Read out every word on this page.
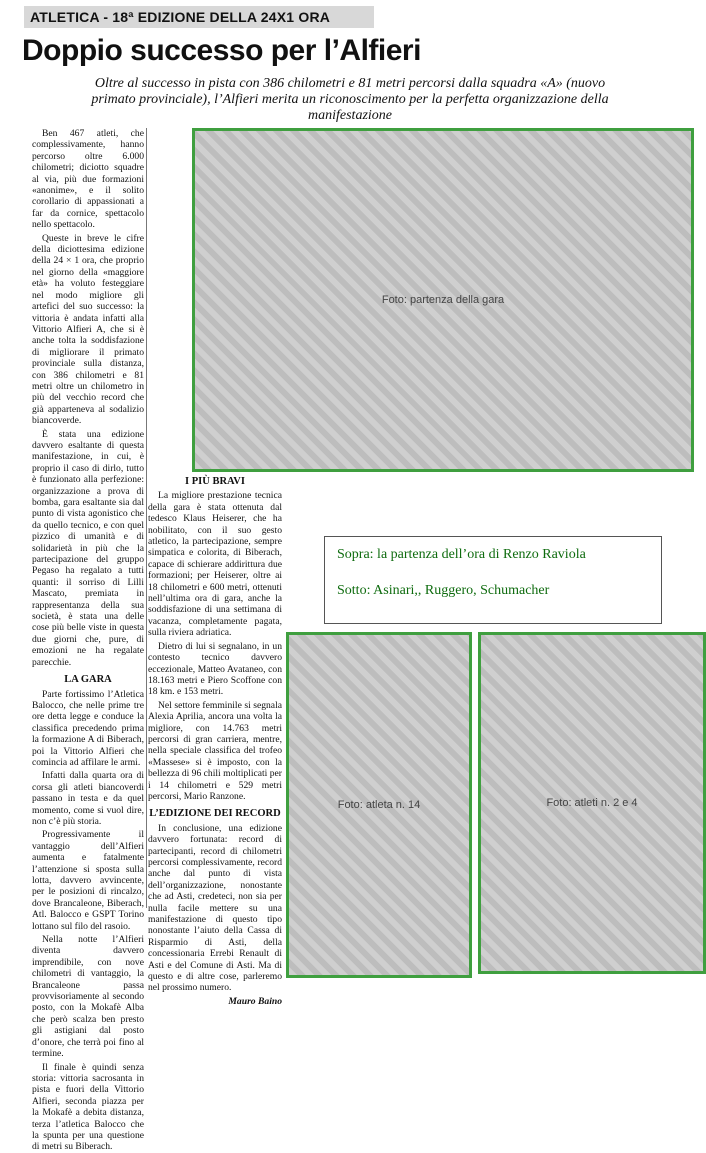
ATLETICA - 18ª EDIZIONE DELLA 24X1 ORA
Doppio successo per l’Alfieri
Oltre al successo in pista con 386 chilometri e 81 metri percorsi dalla squadra «A» (nuovo primato provinciale), l’Alfieri merita un riconoscimento per la perfetta organizzazione della manifestazione

Ben 467 atleti, che complessivamente, hanno percorso oltre 6.000 chilometri; diciotto squadre al via, più due formazioni «anonime», e il solito corollario di appassionati a far da cornice, spettacolo nello spettacolo.

Queste in breve le cifre della diciottesima edizione della 24 × 1 ora, che proprio nel giorno della «maggiore età» ha voluto festeggiare nel modo migliore gli artefici del suo successo: la vittoria è andata infatti alla Vittorio Alfieri A, che si è anche tolta la soddisfazione di migliorare il primato provinciale sulla distanza, con 386 chilometri e 81 metri oltre un chilometro in più del vecchio record che già apparteneva al sodalizio biancoverde.

È stata una edizione davvero esaltante di questa manifestazione, in cui, è proprio il caso di dirlo, tutto è funzionato alla perfezione: organizzazione a prova di bomba, gara esaltante sia dal punto di vista agonistico che da quello tecnico, e con quel pizzico di umanità e di solidarietà in più che la partecipazione del gruppo Pegaso ha regalato a tutti quanti: il sorriso di Lilli Mascato, premiata in rappresentanza della sua società, è stata una delle cose più belle viste in questa due giorni che, pure, di emozioni ne ha regalate parecchie.

LA GARA

Parte fortissimo l’Atletica Balocco, che nelle prime tre ore detta legge e conduce la classifica precedendo prima la formazione A di Biberach, poi la Vittorio Alfieri che comincia ad affilare le armi.

Infatti dalla quarta ora di corsa gli atleti biancoverdi passano in testa e da quel momento, come si vuol dire, non c’è più storia.

Progressivamente il vantaggio dell’Alfieri aumenta e fatalmente l’attenzione si sposta sulla lotta, davvero avvincente, per le posizioni di rincalzo, dove Brancaleone, Biberach, Atl. Balocco e GSPT Torino lottano sul filo del rasoio.

Nella notte l’Alfieri diventa davvero imprendibile, con nove chilometri di vantaggio, la Brancaleone passa provvisoriamente al secondo posto, con la Mokafè Alba che però scalza ben presto gli astigiani dal posto d’onore, che terrà poi fino al termine.

Il finale è quindi senza storia: vittoria sacrosanta in pista e fuori della Vittorio Alfieri, seconda piazza per la Mokafè a debita distanza, terza l’atletica Balocco che la spunta per una questione di metri su Biberach.

I PIÙ BRAVI

La migliore prestazione tecnica della gara è stata ottenuta dal tedesco Klaus Heiserer, che ha nobilitato, con il suo gesto atletico, la partecipazione, sempre simpatica e colorita, di Biberach, capace di schierare addirittura due formazioni; per Heiserer, oltre ai 18 chilometri e 600 metri, ottenuti nell’ultima ora di gara, anche la soddisfazione di una settimana di vacanza, completamente pagata, sulla riviera adriatica.

Dietro di lui si segnalano, in un contesto tecnico davvero eccezionale, Matteo Avataneo, con 18.163 metri e Piero Scoffone con 18 km. e 153 metri.

Nel settore femminile si segnala Alexia Aprilia, ancora una volta la migliore, con 14.763 metri percorsi di gran carriera, mentre, nella speciale classifica del trofeo «Massese» si è imposto, con la bellezza di 96 chili moltiplicati per i 14 chilometri e 529 metri percorsi, Mario Ranzone.

L’EDIZIONE DEI RECORD

In conclusione, una edizione davvero fortunata: record di partecipanti, record di chilometri percorsi complessivamente, record anche dal punto di vista dell’organizzazione, nonostante che ad Asti, credeteci, non sia per nulla facile mettere su una manifestazione di questo tipo nonostante l’aiuto della Cassa di Risparmio di Asti, della concessionaria Errebi Renault di Asti e del Comune di Asti. Ma di questo e di altre cose, parleremo nel prossimo numero.

Mauro Baino

Foto: partenza della gara
Sopra: la partenza dell’ora di Renzo Raviola
Sotto: Asinari,, Ruggero, Schumacher
Foto: atleta n. 14	Foto: atleti n. 2 e 4
